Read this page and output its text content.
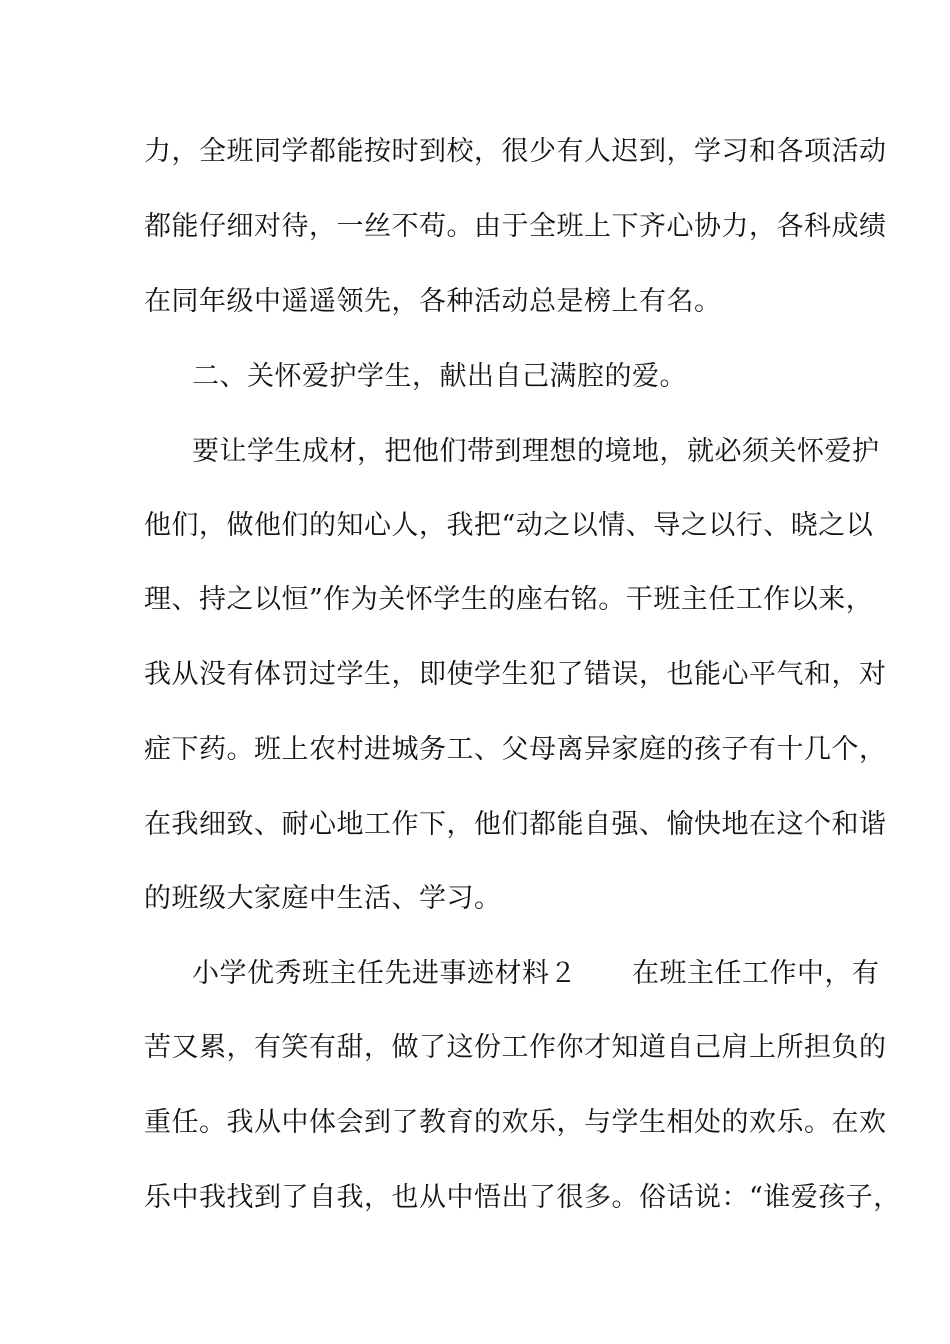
力，全班同学都能按时到校，很少有人迟到，学习和各项活动
都能仔细对待，一丝不苟。由于全班上下齐心协力，各科成绩
在同年级中遥遥领先，各种活动总是榜上有名。
二、关怀爱护学生，献出自己满腔的爱。
要让学生成材，把他们带到理想的境地，就必须关怀爱护
他们，做他们的知心人，我把“动之以情、导之以行、晓之以
理、持之以恒”作为关怀学生的座右铭。干班主任工作以来，
我从没有体罚过学生，即使学生犯了错误，也能心平气和，对
症下药。班上农村进城务工、父母离异家庭的孩子有十几个，
在我细致、耐心地工作下，他们都能自强、愉快地在这个和谐
的班级大家庭中生活、学习。
小学优秀班主任先进事迹材料２　　在班主任工作中，有
苦又累，有笑有甜，做了这份工作你才知道自己肩上所担负的
重任。我从中体会到了教育的欢乐，与学生相处的欢乐。在欢
乐中我找到了自我，也从中悟出了很多。俗话说：“谁爱孩子，
